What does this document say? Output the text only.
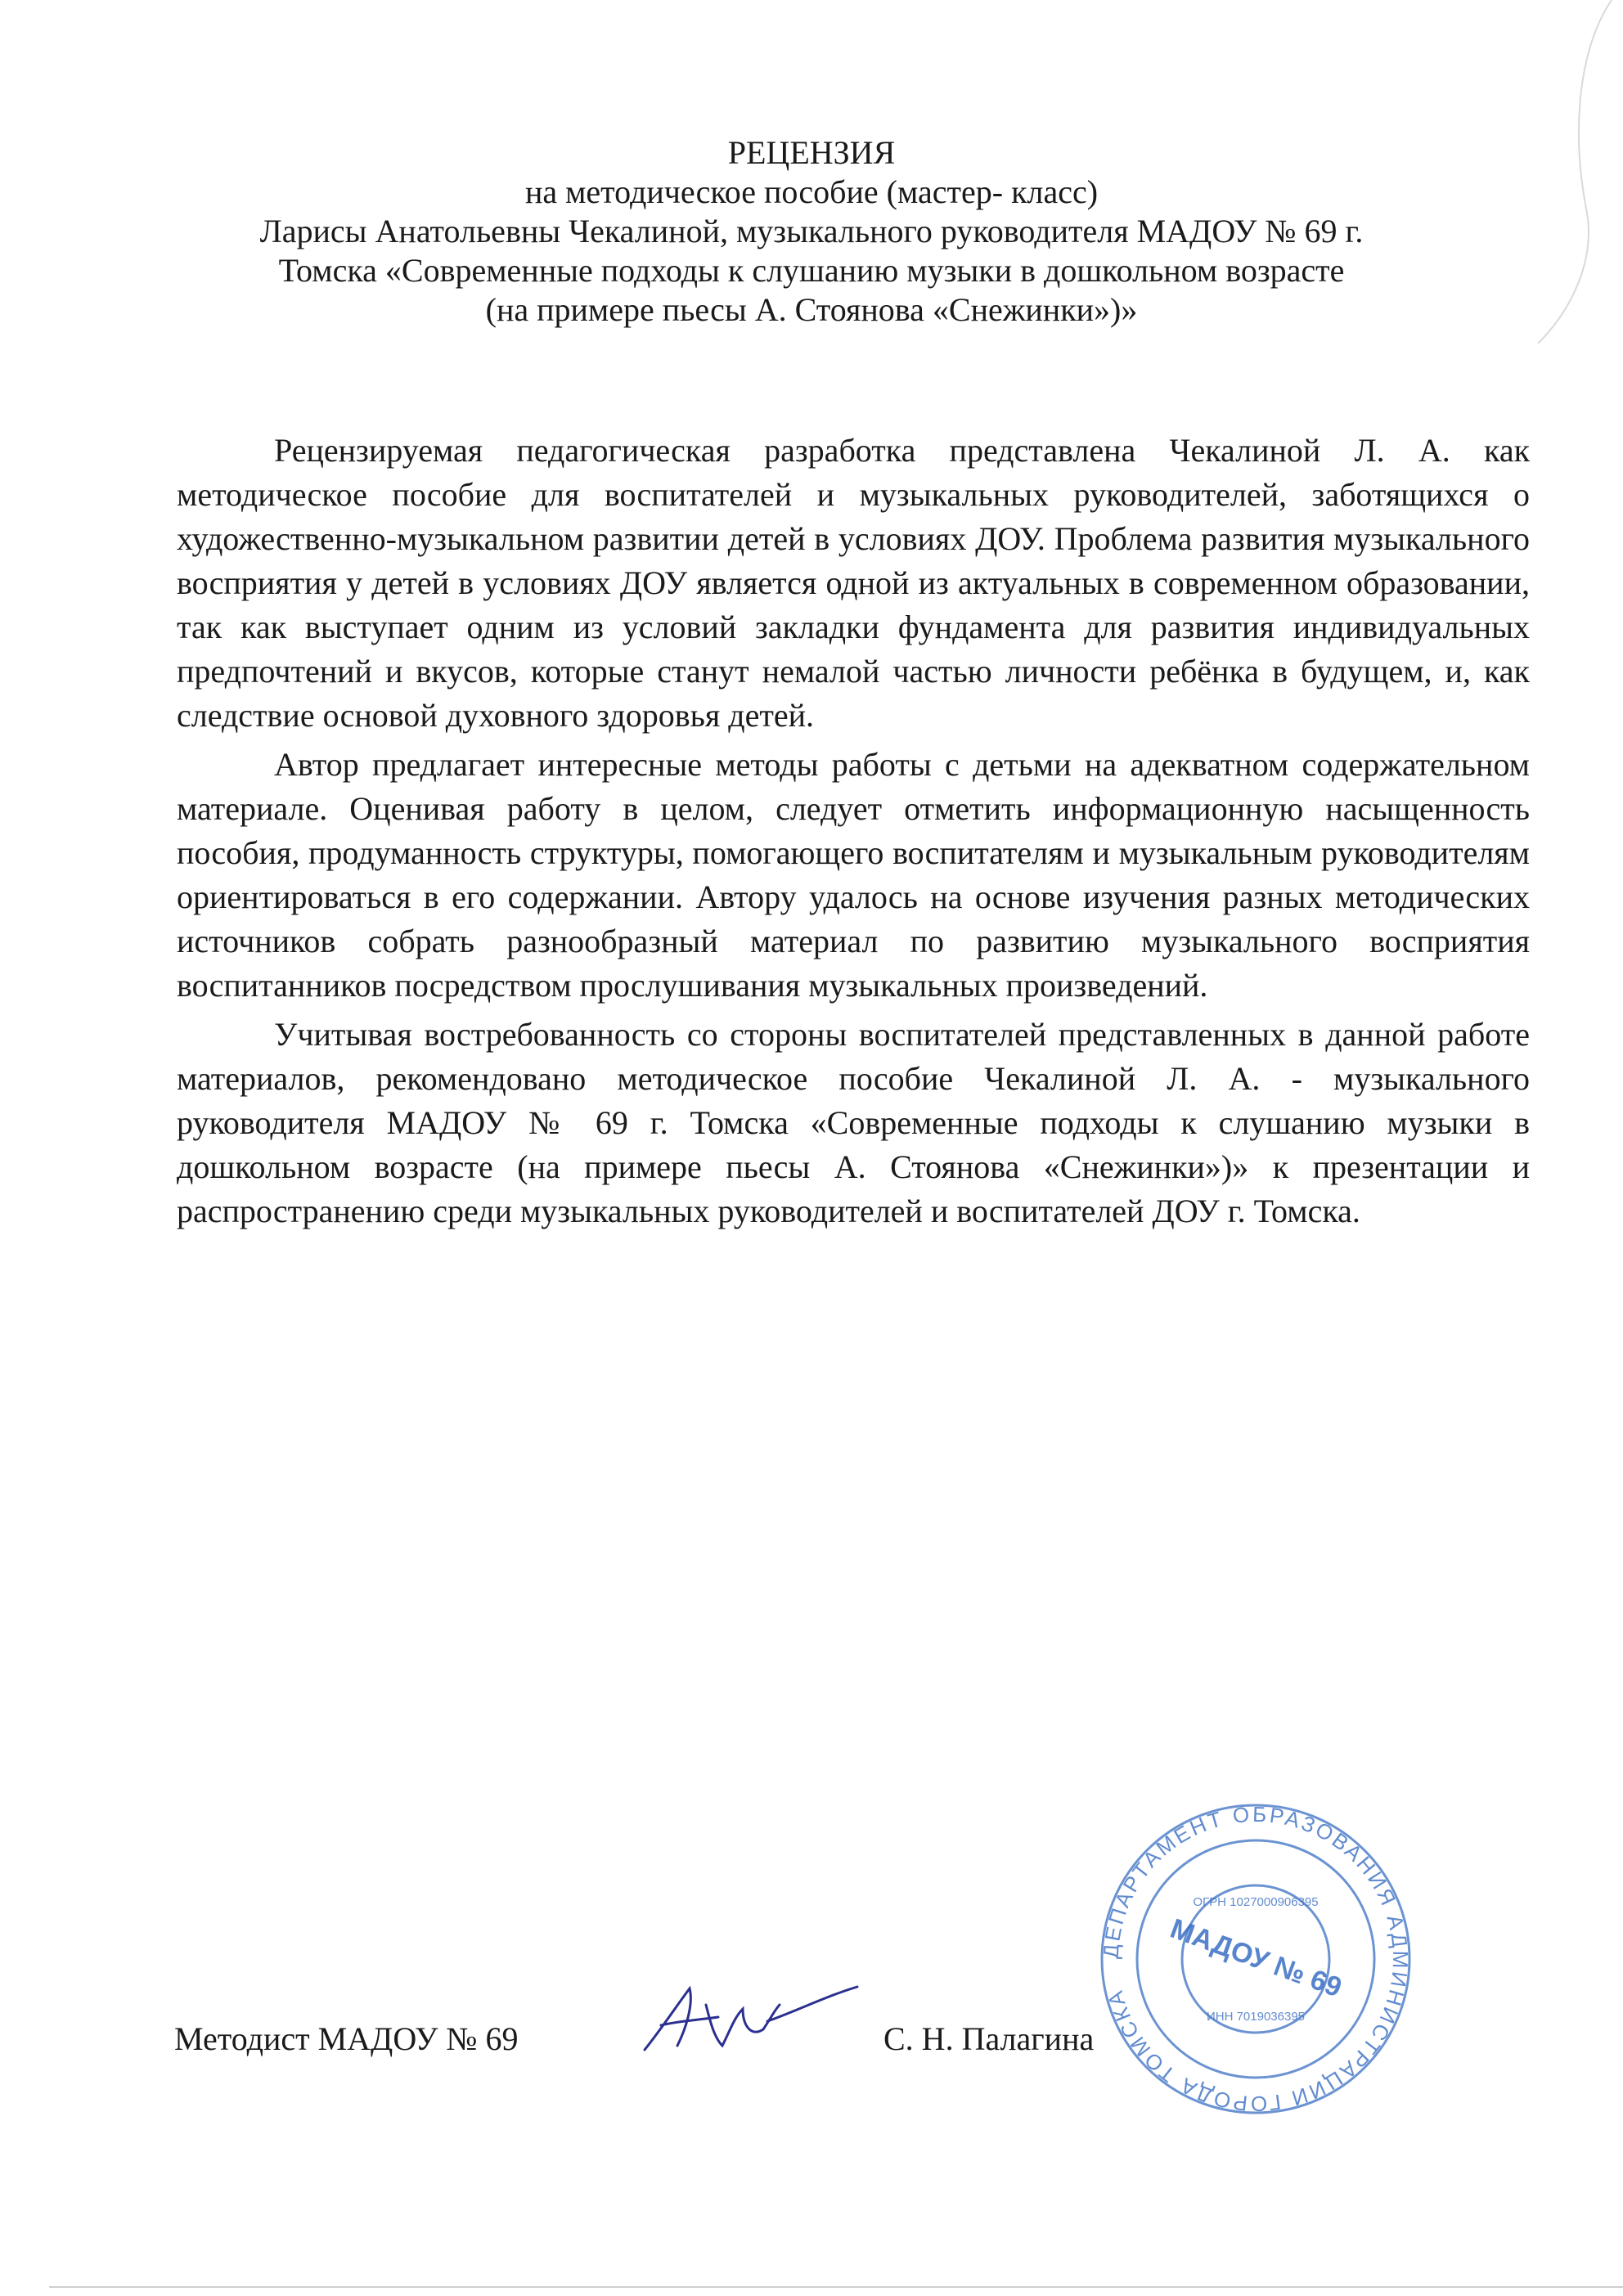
РЕЦЕНЗИЯ
на методическое пособие (мастер- класс)
Ларисы Анатольевны Чекалиной, музыкального руководителя МАДОУ № 69 г.
Томска «Современные подходы к слушанию музыки в дошкольном возрасте
(на примере пьесы А. Стоянова «Снежинки»)»

Рецензируемая педагогическая разработка представлена Чекалиной Л. А. как методическое пособие для воспитателей и музыкальных руководителей, заботящихся о художественно-музыкальном развитии детей в условиях ДОУ. Проблема развития музыкального восприятия у детей в условиях ДОУ является одной из актуальных в современном образовании, так как выступает одним из условий закладки фундамента для развития индивидуальных предпочтений и вкусов, которые станут немалой частью личности ребёнка в будущем, и, как следствие основой духовного здоровья детей.

Автор предлагает интересные методы работы с детьми на адекватном содержательном материале. Оценивая работу в целом, следует отметить информационную насыщенность пособия, продуманность структуры, помогающего воспитателям и музыкальным руководителям ориентироваться в его содержании. Автору удалось на основе изучения разных методических источников собрать разнообразный материал по развитию музыкального восприятия воспитанников посредством прослушивания музыкальных произведений.

Учитывая востребованность со стороны воспитателей представленных в данной работе материалов, рекомендовано методическое пособие Чекалиной Л. А. - музыкального руководителя МАДОУ № 69 г. Томска «Современные подходы к слушанию музыки в дошкольном возрасте (на примере пьесы А. Стоянова «Снежинки»)» к презентации и распространению среди музыкальных руководителей и воспитателей ДОУ г. Томска.

Методист МАДОУ № 69	С. Н. Палагина
ДЕПАРТАМЕНТ ОБРАЗОВАНИЯ АДМИНИСТРАЦИИ ГОРОДА ТОМСКА
ОГРН 1027000906395
МАДОУ № 69
ИНН 7019036395
